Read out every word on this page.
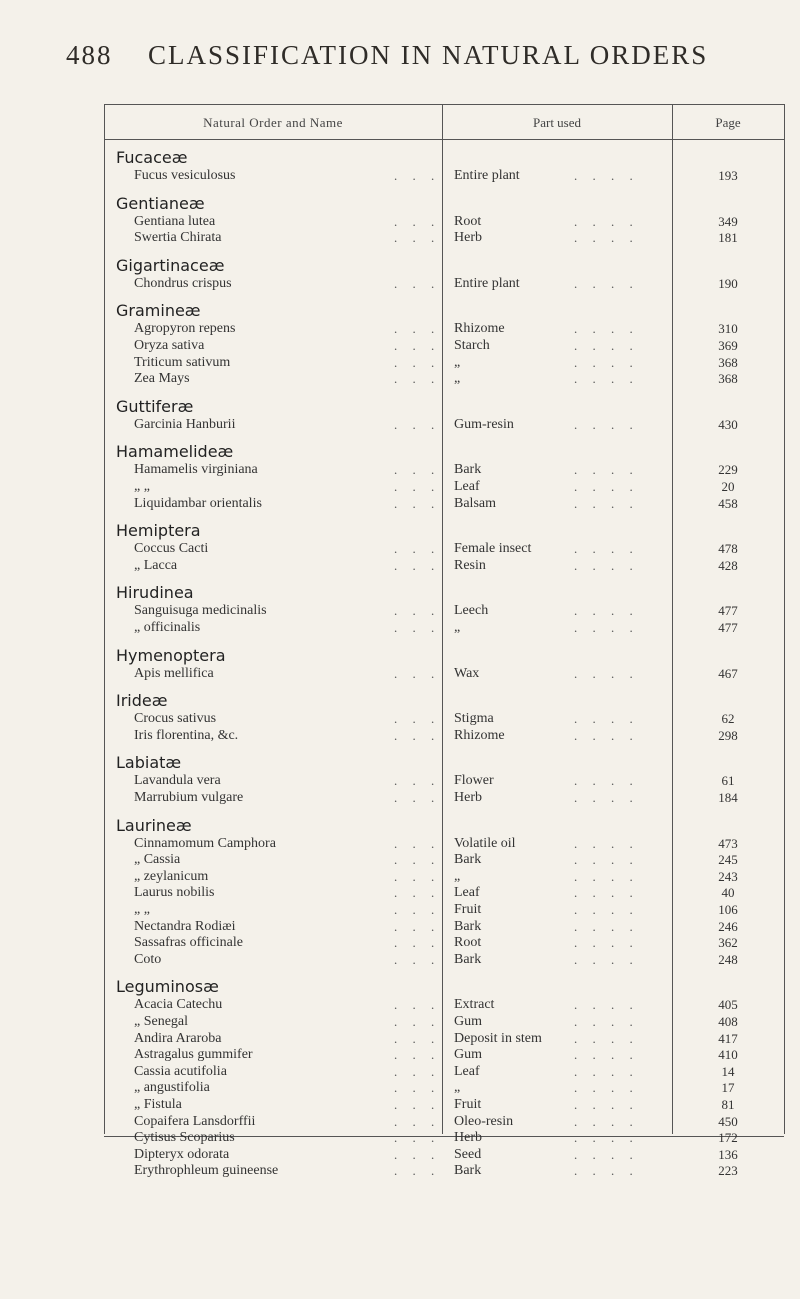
488 CLASSIFICATION IN NATURAL ORDERS
Natural Order and Name	Part used	Page
Fucaceæ
Fucus vesiculosus	. . . Entire plant	. . . .	193
Gentianeæ
Gentiana lutea	. . . Root	. . . .	349
Swertia Chirata	. . . Herb	. . . .	181
Gigartinaceæ
Chondrus crispus	. . . Entire plant	. . . .	190
Gramineæ
Agropyron repens	. . . Rhizome	. . . .	310
Oryza sativa	. . . Starch	. . . .	369
Triticum sativum	. . . „	. . . .	368
Zea Mays	. . . „	. . . .	368
Guttiferæ
Garcinia Hanburii	. . . Gum-resin	. . . .	430
Hamamelideæ
Hamamelis virginiana	. . . Bark	. . . .	229
„ „	. . . Leaf	. . . .	20
Liquidambar orientalis	. . . Balsam	. . . .	458
Hemiptera
Coccus Cacti	. . . Female insect	. . . .	478
„ Lacca	. . . Resin	. . . .	428
Hirudinea
Sanguisuga medicinalis	. . . Leech	. . . .	477
„ officinalis	. . . „	. . . .	477
Hymenoptera
Apis mellifica	. . . Wax	. . . .	467
Irideæ
Crocus sativus	. . . Stigma	. . . .	62
Iris florentina, &c.	. . . Rhizome	. . . .	298
Labiatæ
Lavandula vera	. . . Flower	. . . .	61
Marrubium vulgare	. . . Herb	. . . .	184
Laurineæ
Cinnamomum Camphora	. . . Volatile oil	. . . .	473
„ Cassia	. . . Bark	. . . .	245
„ zeylanicum	. . . „	. . . .	243
Laurus nobilis	. . . Leaf	. . . .	40
„ „	. . . Fruit	. . . .	106
Nectandra Rodiæi	. . . Bark	. . . .	246
Sassafras officinale	. . . Root	. . . .	362
Coto	. . . Bark	. . . .	248
Leguminosæ
Acacia Catechu	. . . Extract	. . . .	405
„ Senegal	. . . Gum	. . . .	408
Andira Araroba	. . . Deposit in stem . . . .	417
Astragalus gummifer	. . . Gum	. . . .	410
Cassia acutifolia	. . . Leaf	. . . .	14
„ angustifolia	. . . „	. . . .	17
„ Fistula	. . . Fruit	. . . .	81
Copaifera Lansdorffii	. . . Oleo-resin	. . . .	450
Cytisus Scoparius	. . . Herb	. . . .	172
Dipteryx odorata	. . . Seed	. . . .	136
Erythrophleum guineense	. . . Bark	. . . .	223
